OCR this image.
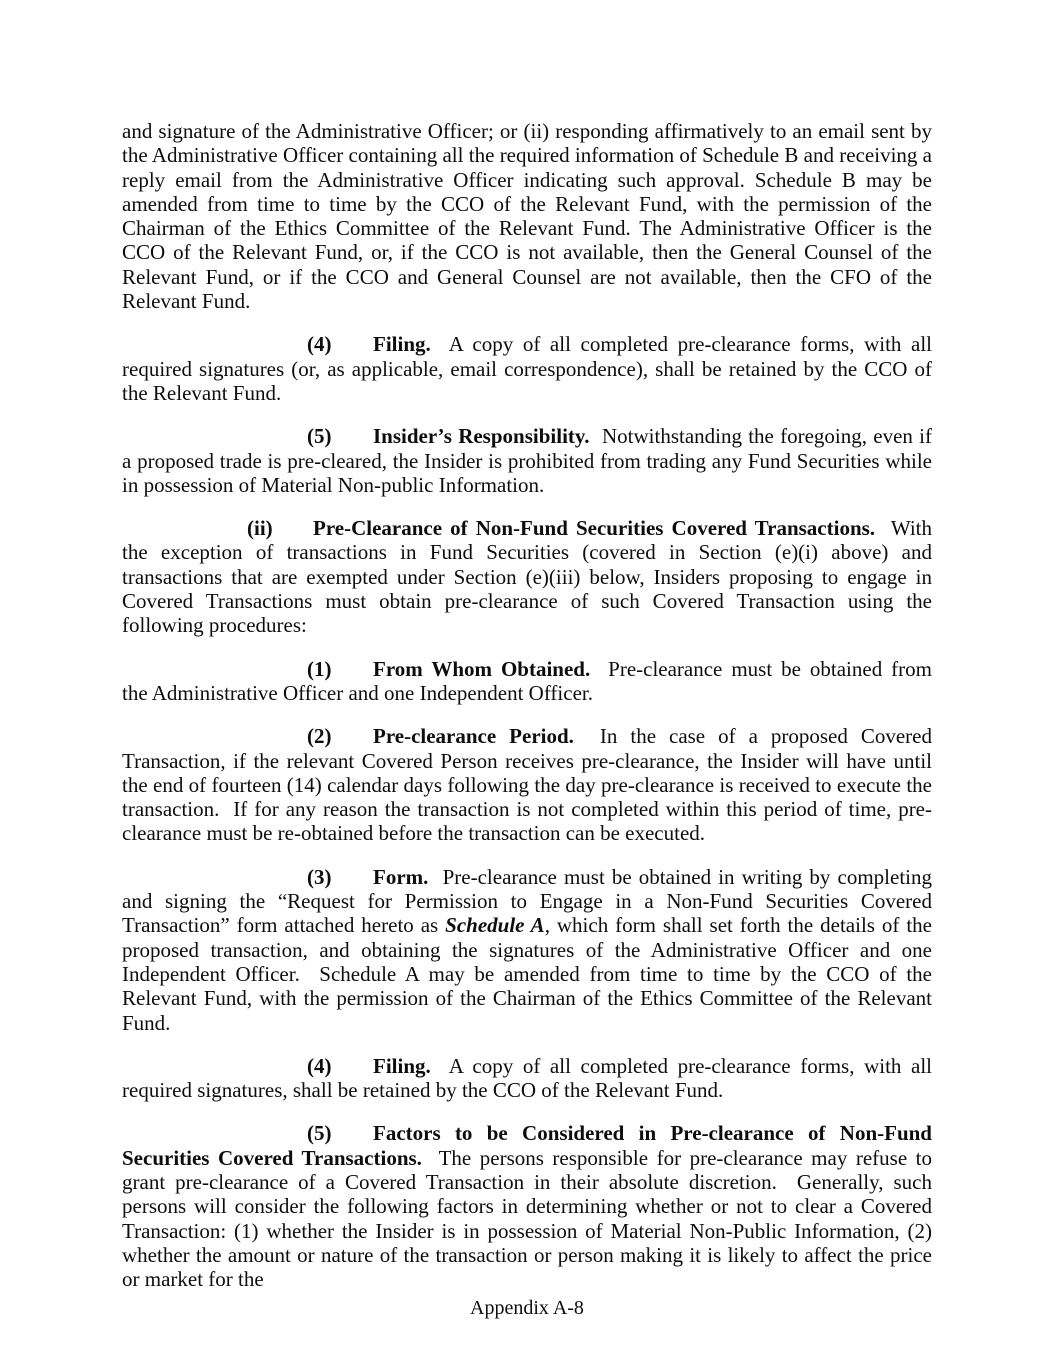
and signature of the Administrative Officer; or (ii) responding affirmatively to an email sent by the Administrative Officer containing all the required information of Schedule B and receiving a reply email from the Administrative Officer indicating such approval. Schedule B may be amended from time to time by the CCO of the Relevant Fund, with the permission of the Chairman of the Ethics Committee of the Relevant Fund. The Administrative Officer is the CCO of the Relevant Fund, or, if the CCO is not available, then the General Counsel of the Relevant Fund, or if the CCO and General Counsel are not available, then the CFO of the Relevant Fund.

(4) Filing.  A copy of all completed pre-clearance forms, with all required signatures (or, as applicable, email correspondence), shall be retained by the CCO of the Relevant Fund.

(5) Insider’s Responsibility.  Notwithstanding the foregoing, even if a proposed trade is pre-cleared, the Insider is prohibited from trading any Fund Securities while in possession of Material Non-public Information.

(ii) Pre-Clearance of Non-Fund Securities Covered Transactions.  With the exception of transactions in Fund Securities (covered in Section (e)(i) above) and transactions that are exempted under Section (e)(iii) below, Insiders proposing to engage in Covered Transactions must obtain pre-clearance of such Covered Transaction using the following procedures:

(1) From Whom Obtained.  Pre-clearance must be obtained from the Administrative Officer and one Independent Officer.

(2) Pre-clearance Period.  In the case of a proposed Covered Transaction, if the relevant Covered Person receives pre-clearance, the Insider will have until the end of fourteen (14) calendar days following the day pre-clearance is received to execute the transaction.  If for any reason the transaction is not completed within this period of time, pre-clearance must be re-obtained before the transaction can be executed.

(3) Form.  Pre-clearance must be obtained in writing by completing and signing the “Request for Permission to Engage in a Non-Fund Securities Covered Transaction” form attached hereto as Schedule A, which form shall set forth the details of the proposed transaction, and obtaining the signatures of the Administrative Officer and one Independent Officer.  Schedule A may be amended from time to time by the CCO of the Relevant Fund, with the permission of the Chairman of the Ethics Committee of the Relevant Fund.

(4) Filing.  A copy of all completed pre-clearance forms, with all required signatures, shall be retained by the CCO of the Relevant Fund.

(5) Factors to be Considered in Pre-clearance of Non-Fund Securities Covered Transactions.  The persons responsible for pre-clearance may refuse to grant pre-clearance of a Covered Transaction in their absolute discretion.  Generally, such persons will consider the following factors in determining whether or not to clear a Covered Transaction: (1) whether the Insider is in possession of Material Non-Public Information, (2) whether the amount or nature of the transaction or person making it is likely to affect the price or market for the

Appendix A-8
